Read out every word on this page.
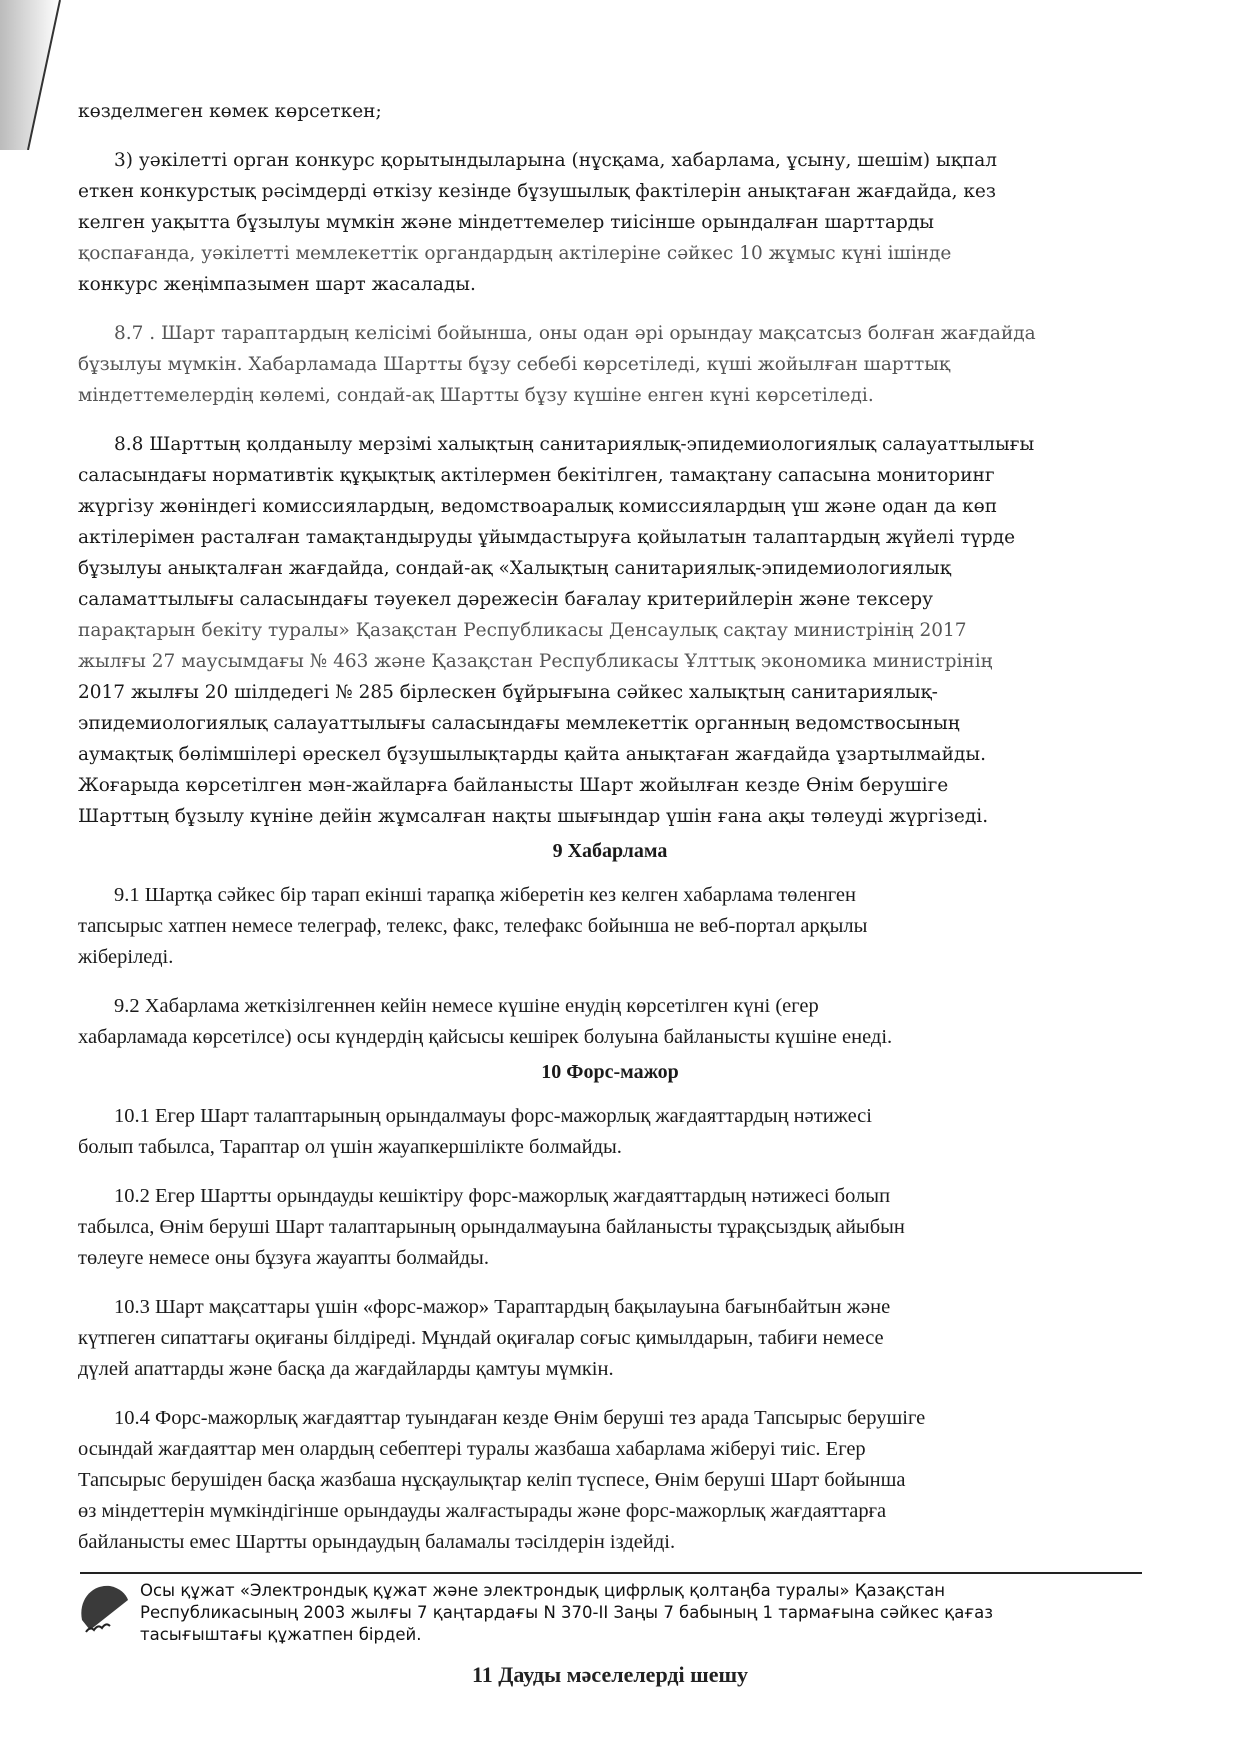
көзделмеген көмек көрсеткен;
3) уәкілетті орган конкурс қорытындыларына (нұсқама, хабарлама, ұсыну, шешім) ықпал
еткен конкурстық рәсімдерді өткізу кезінде бұзушылық фактілерін анықтаған жағдайда, кез
келген уақытта бұзылуы мүмкін және міндеттемелер тиісінше орындалған шарттарды
қоспағанда, уәкілетті мемлекеттік органдардың актілеріне сәйкес 10 жұмыс күні ішінде
конкурс жеңімпазымен шарт жасалады.
8.7 . Шарт тараптардың келісімі бойынша, оны одан әрі орындау мақсатсыз болған жағдайда
бұзылуы мүмкін. Хабарламада Шартты бұзу себебі көрсетіледі, күші жойылған шарттық
міндеттемелердің көлемі, сондай-ақ Шартты бұзу күшіне енген күні көрсетіледі.
8.8 Шарттың қолданылу мерзімі халықтың санитариялық-эпидемиологиялық салауаттылығы
саласындағы нормативтік құқықтық актілермен бекітілген, тамақтану сапасына мониторинг
жүргізу жөніндегі комиссиялардың, ведомствоаралық комиссиялардың үш және одан да көп
актілерімен расталған тамақтандыруды ұйымдастыруға қойылатын талаптардың жүйелі түрде
бұзылуы анықталған жағдайда, сондай-ақ «Халықтың санитариялық-эпидемиологиялық
саламаттылығы саласындағы тәуекел дәрежесін бағалау критерийлерін және тексеру
парақтарын бекіту туралы» Қазақстан Республикасы Денсаулық сақтау министрінің 2017
жылғы 27 маусымдағы № 463 және Қазақстан Республикасы Ұлттық экономика министрінің
2017 жылғы 20 шілдедегі № 285 бірлескен бұйрығына сәйкес халықтың санитариялық-
эпидемиологиялық салауаттылығы саласындағы мемлекеттік органның ведомствосының
аумақтық бөлімшілері өрескел бұзушылықтарды қайта анықтаған жағдайда ұзартылмайды.
Жоғарыда көрсетілген мән-жайларға байланысты Шарт жойылған кезде Өнім берушіге
Шарттың бұзылу күніне дейін жұмсалған нақты шығындар үшін ғана ақы төлеуді жүргізеді.
9 Хабарлама
9.1 Шартқа сәйкес бір тарап екінші тарапқа жіберетін кез келген хабарлама төленген
тапсырыс хатпен немесе телеграф, телекс, факс, телефакс бойынша не веб-портал арқылы
жіберіледі.
9.2 Хабарлама жеткізілгеннен кейін немесе күшіне енудің көрсетілген күні (егер
хабарламада көрсетілсе) осы күндердің қайсысы кешірек болуына байланысты күшіне енеді.
10 Форс-мажор
10.1 Егер Шарт талаптарының орындалмауы форс-мажорлық жағдаяттардың нәтижесі
болып табылса, Тараптар ол үшін жауапкершілікте болмайды.
10.2 Егер Шартты орындауды кешіктіру форс-мажорлық жағдаяттардың нәтижесі болып
табылса, Өнім беруші Шарт талаптарының орындалмауына байланысты тұрақсыздық айыбын
төлеуге немесе оны бұзуға жауапты болмайды.
10.3 Шарт мақсаттары үшін «форс-мажор» Тараптардың бақылауына бағынбайтын және
күтпеген сипаттағы оқиғаны білдіреді. Мұндай оқиғалар соғыс қимылдарын, табиғи немесе
дүлей апаттарды және басқа да жағдайларды қамтуы мүмкін.
10.4 Форс-мажорлық жағдаяттар туындаған кезде Өнім беруші тез арада Тапсырыс берушіге
осындай жағдаяттар мен олардың себептері туралы жазбаша хабарлама жіберуі тиіс. Егер
Тапсырыс берушіден басқа жазбаша нұсқаулықтар келіп түспесе, Өнім беруші Шарт бойынша
өз міндеттерін мүмкіндігінше орындауды жалғастырады және форс-мажорлық жағдаяттарға
байланысты емес Шартты орындаудың баламалы тәсілдерін іздейді.
Осы құжат «Электрондық құжат және электрондық цифрлық қолтаңба туралы» Қазақстан
Республикасының 2003 жылғы 7 қаңтардағы N 370-II Заңы 7 бабының 1 тармағына сәйкес қағаз
тасығыштағы құжатпен бірдей.
11 Дауды мәселелерді шешу
